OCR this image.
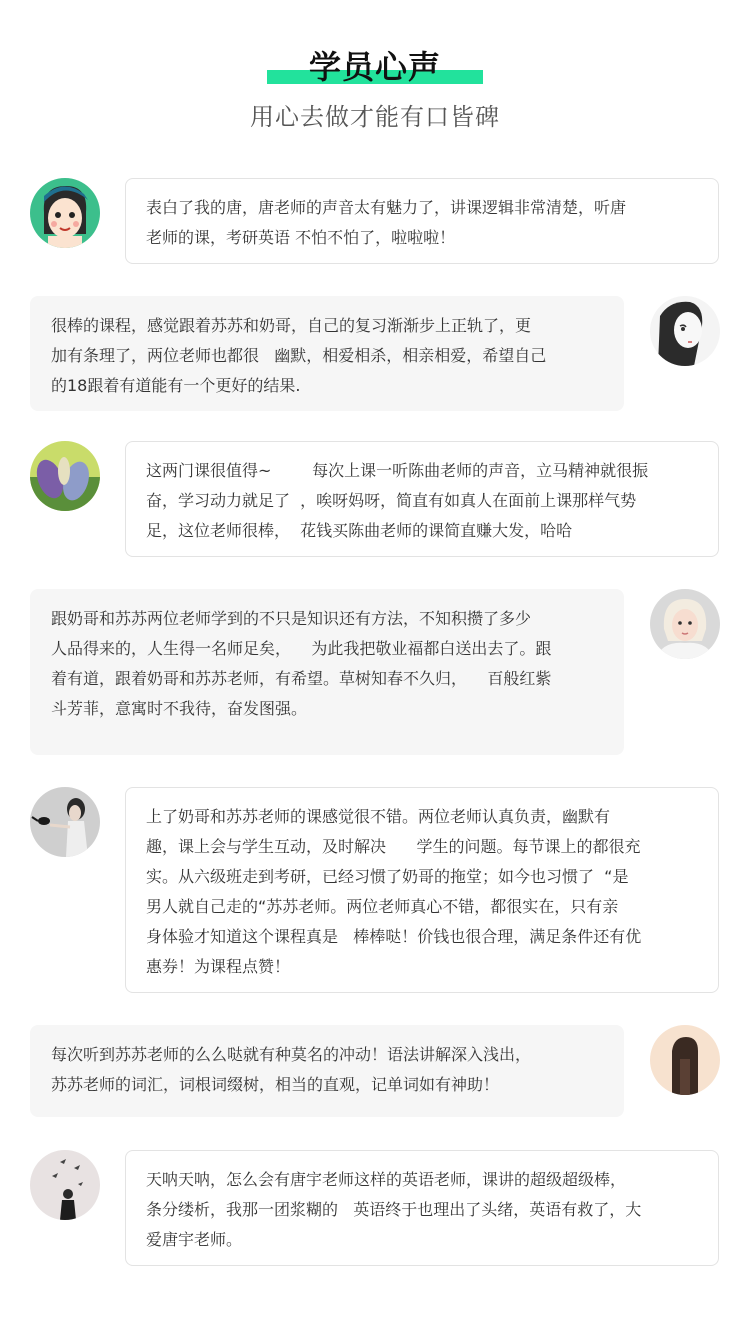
学员心声
用心去做才能有口皆碑
表白了我的唐，唐老师的声音太有魅力了，讲课逻辑非常清楚，听唐
老师的课，考研英语 不怕不怕了，啦啦啦！
很棒的课程，感觉跟着苏苏和奶哥，自己的复习渐渐步上正轨了，更
加有条理了，两位老师也都很   幽默，相爱相杀，相亲相爱，希望自己
的18跟着有道能有一个更好的结果.
这两门课很值得~        每次上课一听陈曲老师的声音，立马精神就很振
奋，学习动力就足了  ，唉呀妈呀，简直有如真人在面前上课那样气势
足，这位老师很棒，  花钱买陈曲老师的课简直赚大发，哈哈
跟奶哥和苏苏两位老师学到的不只是知识还有方法，不知积攒了多少
人品得来的，人生得一名师足矣，    为此我把敬业福都白送出去了。跟
着有道，跟着奶哥和苏苏老师，有希望。草树知春不久归，    百般红紫
斗芳菲，意寓时不我待，奋发图强。
上了奶哥和苏苏老师的课感觉很不错。两位老师认真负责，幽默有
趣，课上会与学生互动，及时解决      学生的问题。每节课上的都很充
实。从六级班走到考研，已经习惯了奶哥的拖堂；如今也习惯了  “是
男人就自己走的“苏苏老师。两位老师真心不错，都很实在，只有亲
身体验才知道这个课程真是   棒棒哒！价钱也很合理，满足条件还有优
惠券！为课程点赞！
每次听到苏苏老师的么么哒就有种莫名的冲动！语法讲解深入浅出，
苏苏老师的词汇，词根词缀树，相当的直观，记单词如有神助！
天呐天呐，怎么会有唐宇老师这样的英语老师，课讲的超级超级棒，
条分缕析，我那一团浆糊的   英语终于也理出了头绪，英语有救了，大
爱唐宇老师。
